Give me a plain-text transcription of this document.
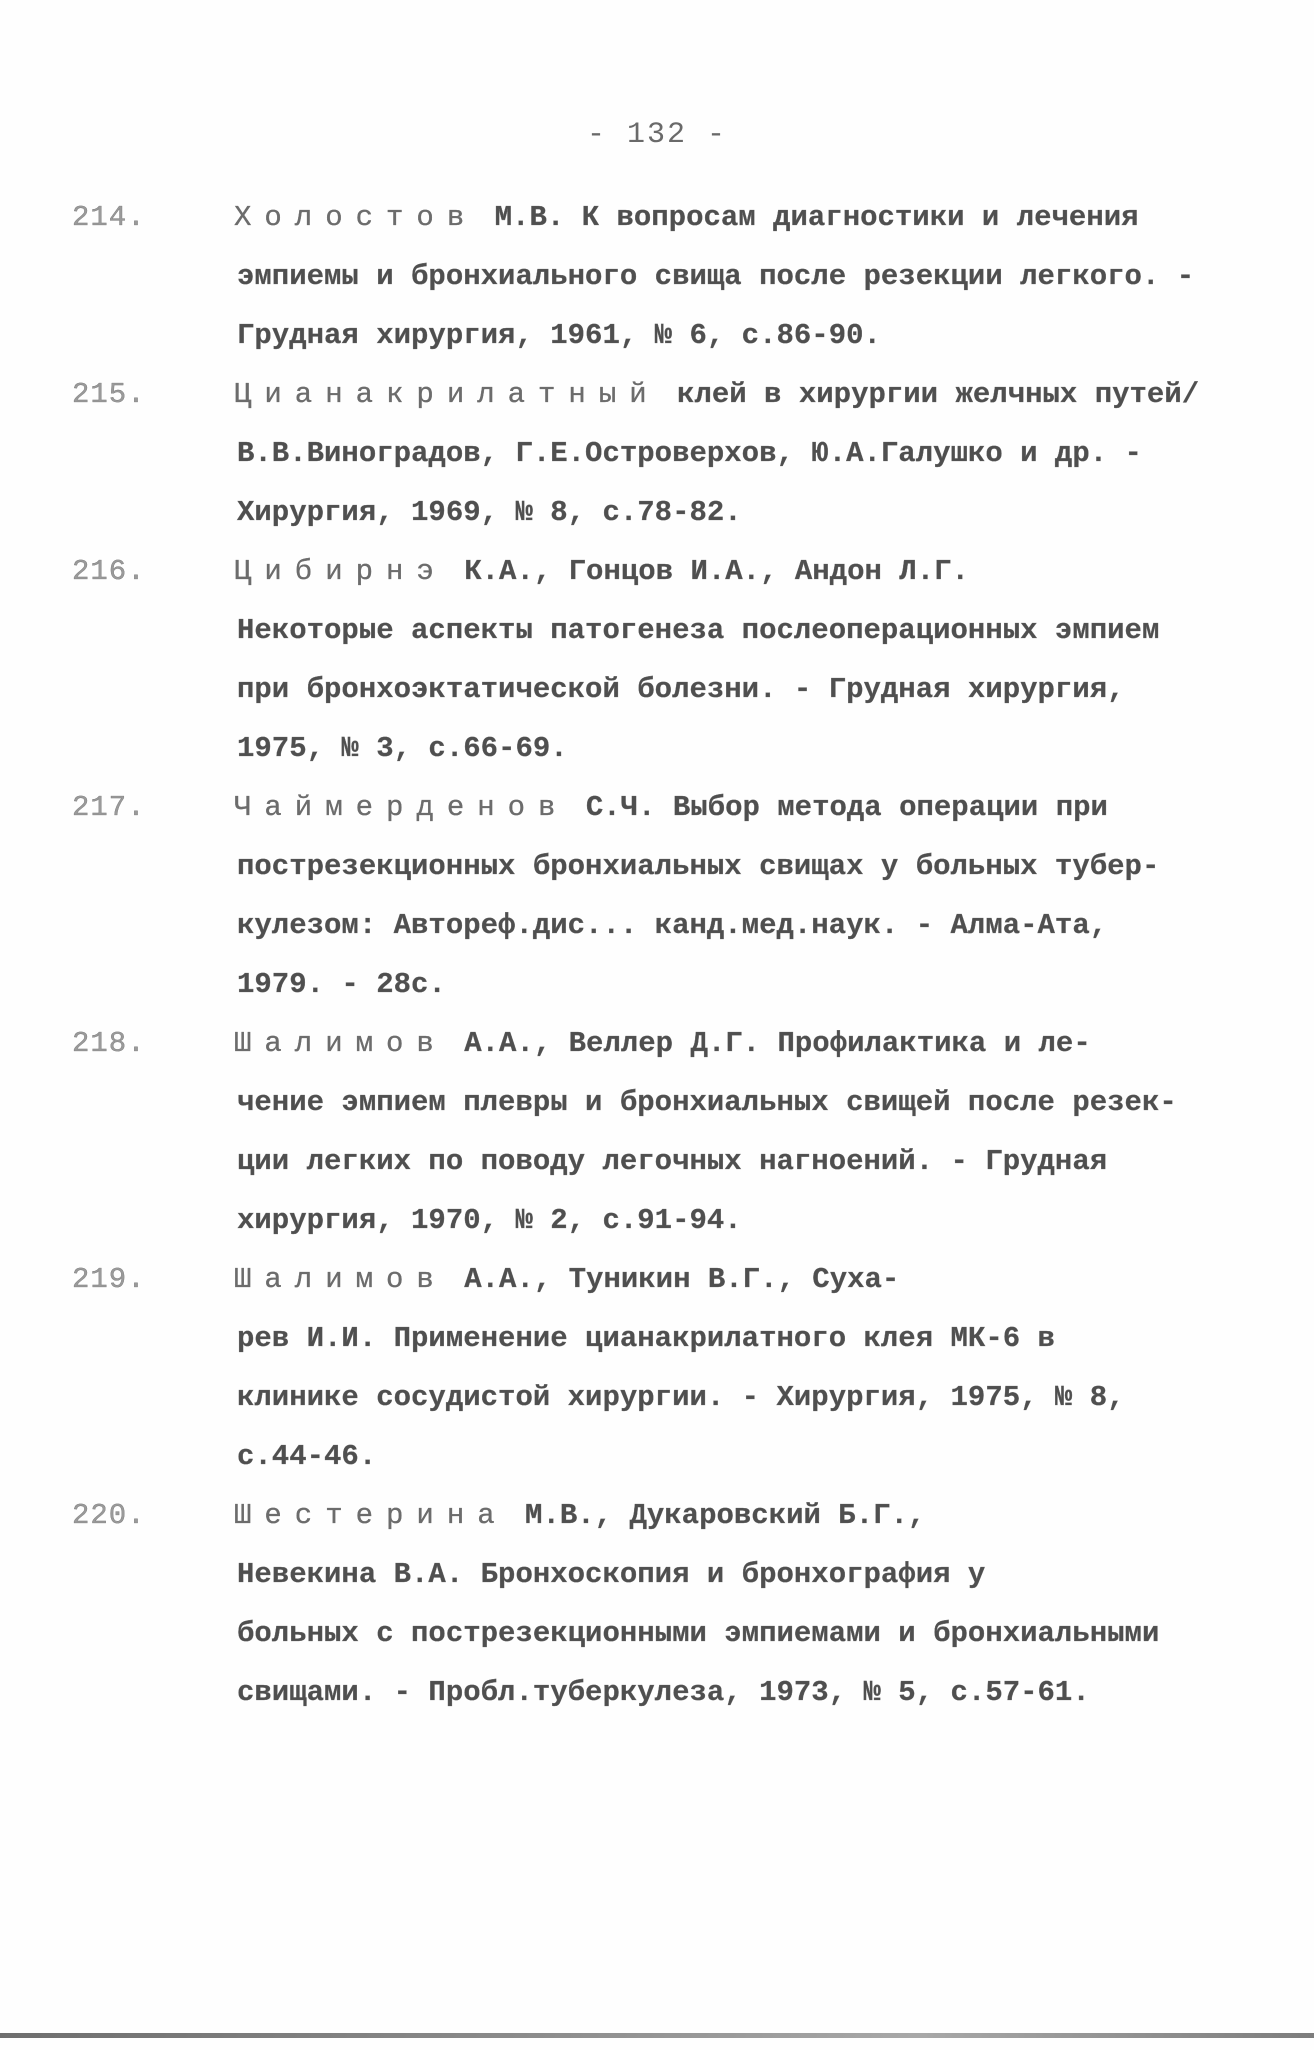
- 132 -
214.	Холостов М.В. К вопросам диагностики и лечения
эмпиемы и бронхиального свища после резекции легкого. -
Грудная хирургия, 1961, № 6, с.86-90.
215.	Цианакрилатный клей в хирургии желчных путей/
В.В.Виноградов, Г.Е.Островерхов, Ю.А.Галушко и др. -
Хирургия, 1969, № 8, с.78-82.
216.	Цибирнэ К.А., Гонцов И.А., Андон Л.Г.
Некоторые аспекты патогенеза послеоперационных эмпием
при бронхоэктатической болезни. - Грудная хирургия,
1975, № 3, с.66-69.
217.	Чаймерденов С.Ч. Выбор метода операции при
пострезекционных бронхиальных свищах у больных тубер-
кулезом: Автореф.дис... канд.мед.наук. - Алма-Ата,
1979. - 28с.
218.	Шалимов А.А., Веллер Д.Г. Профилактика и ле-
чение эмпием плевры и бронхиальных свищей после резек-
ции легких по поводу легочных нагноений. - Грудная
хирургия, 1970, № 2, с.91-94.
219.	Шалимов А.А., Туникин В.Г., Сухa-
рев И.И. Применение цианакрилатного клея МК-6 в
клинике сосудистой хирургии. - Хирургия, 1975, № 8,
с.44-46.
220.	Шестерина М.В., Дукаровский Б.Г.,
Невекина В.А. Бронхоскопия и бронхография у
больных с пострезекционными эмпиемами и бронхиальными
свищами. - Пробл.туберкулеза, 1973, № 5, с.57-61.
